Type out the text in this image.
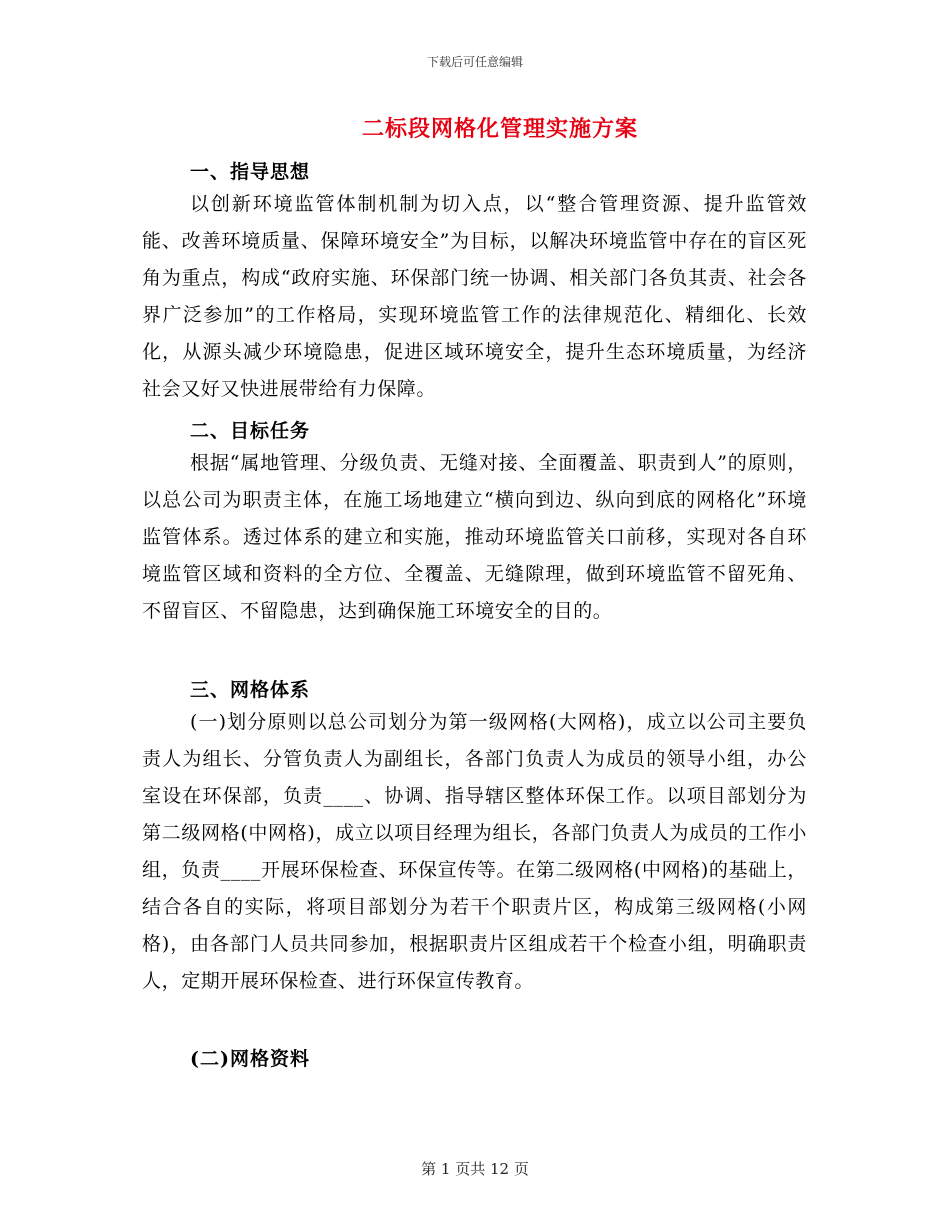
下载后可任意编辑
二标段网格化管理实施方案
一、指导思想

以创新环境监管体制机制为切入点，以“整合管理资源、提升监管效能、改善环境质量、保障环境安全”为目标，以解决环境监管中存在的盲区死角为重点，构成“政府实施、环保部门统一协调、相关部门各负其责、社会各界广泛参加”的工作格局，实现环境监管工作的法律规范化、精细化、长效化，从源头减少环境隐患，促进区域环境安全，提升生态环境质量，为经济社会又好又快进展带给有力保障。

二、目标任务

根据“属地管理、分级负责、无缝对接、全面覆盖、职责到人”的原则，以总公司为职责主体，在施工场地建立“横向到边、纵向到底的网格化”环境监管体系。透过体系的建立和实施，推动环境监管关口前移，实现对各自环境监管区域和资料的全方位、全覆盖、无缝隙理，做到环境监管不留死角、不留盲区、不留隐患，达到确保施工环境安全的目的。

三、网格体系

(一)划分原则以总公司划分为第一级网格(大网格)，成立以公司主要负责人为组长、分管负责人为副组长，各部门负责人为成员的领导小组，办公室设在环保部，负责____、协调、指导辖区整体环保工作。以项目部划分为第二级网格(中网格)，成立以项目经理为组长，各部门负责人为成员的工作小组，负责____开展环保检查、环保宣传等。在第二级网格(中网格)的基础上，结合各自的实际，将项目部划分为若干个职责片区，构成第三级网格(小网格)，由各部门人员共同参加，根据职责片区组成若干个检查小组，明确职责人，定期开展环保检查、进行环保宣传教育。

(二)网格资料
第 1 页共 12 页
